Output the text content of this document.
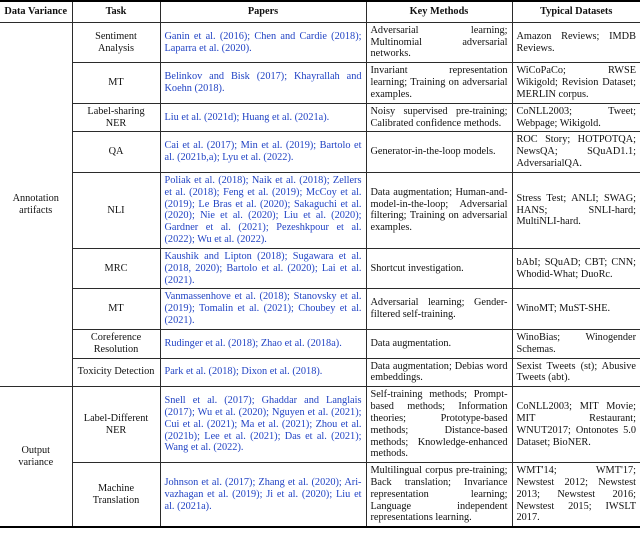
Data Variance	Task	Papers	Key Methods	Typical Datasets
Annotation artifacts	Sentiment Analysis	Ganin et al. (2016); Chen and Cardie (2018); Laparra et al. (2020).	Adversarial learning; Multinomial adversarial networks.	Amazon Reviews; IMDB Reviews.
	MT	Belinkov and Bisk (2017); Khayrallah and Koehn (2018).	Invariant representation learning; Training on adversarial examples.	WiCoPaCo; RWSE Wikigold; Revision Dataset; MERLIN corpus.
	Label-sharing NER	Liu et al. (2021d); Huang et al. (2021a).	Noisy supervised pre-training; Calibrated confidence methods.	CoNLL2003; Tweet; Webpage; Wikigold.
	QA	Cai et al. (2017); Min et al. (2019); Bartolo et al. (2021b,a); Lyu et al. (2022).	Generator-in-the-loop models.	ROC Story; HOTPOTQA; NewsQA; SQuAD1.1; AdversarialQA.
	NLI	Poliak et al. (2018); Naik et al. (2018); Zellers et al. (2018); Feng et al. (2019); McCoy et al. (2019); Le Bras et al. (2020); Sakaguchi et al. (2020); Nie et al. (2020); Liu et al. (2020); Gardner et al. (2021); Pezeshkpour et al. (2022); Wu et al. (2022).	Data augmentation; Human-and-model-in-the-loop; Adversarial filtering; Training on adversarial examples.	Stress Test; ANLI; SWAG; HANS; SNLI-hard; MultiNLI-hard.
	MRC	Kaushik and Lipton (2018); Sugawara et al. (2018, 2020); Bartolo et al. (2020); Lai et al. (2021).	Shortcut investigation.	bAbI; SQuAD; CBT; CNN; Whodid-What; DuoRc.
	MT	Vanmassenhove et al. (2018); Stanovsky et al. (2019); Tomalin et al. (2021); Choubey et al. (2021).	Adversarial learning; Gender-filtered self-training.	WinoMT; MuST-SHE.
	Coreference Resolution	Rudinger et al. (2018); Zhao et al. (2018a).	Data augmentation.	WinoBias; Winogender Schemas.
	Toxicity Detection	Park et al. (2018); Dixon et al. (2018).	Data augmentation; Debias word embeddings.	Sexist Tweets (st); Abusive Tweets (abt).
Output variance	Label-Different NER	Snell et al. (2017); Ghaddar and Langlais (2017); Wu et al. (2020); Nguyen et al. (2021); Cui et al. (2021); Ma et al. (2021); Zhou et al. (2021b); Lee et al. (2021); Das et al. (2021); Wang et al. (2022).	Self-training methods; Prompt-based methods; Information theories; Prototype-based methods; Distance-based methods; Knowledge-enhanced methods.	CoNLL2003; MIT Movie; MIT Restaurant; WNUT2017; Ontonotes 5.0 Dataset; BioNER.
	Machine Translation	Johnson et al. (2017); Zhang et al. (2020); Ari-vazhagan et al. (2019); Ji et al. (2020); Liu et al. (2021a).	Multilingual corpus pre-training; Back translation; Invariance representation learning; Language independent representations learning.	WMT'14; WMT'17; Newstest 2012; Newstest 2013; Newstest 2016; Newstest 2015; IWSLT 2017.
